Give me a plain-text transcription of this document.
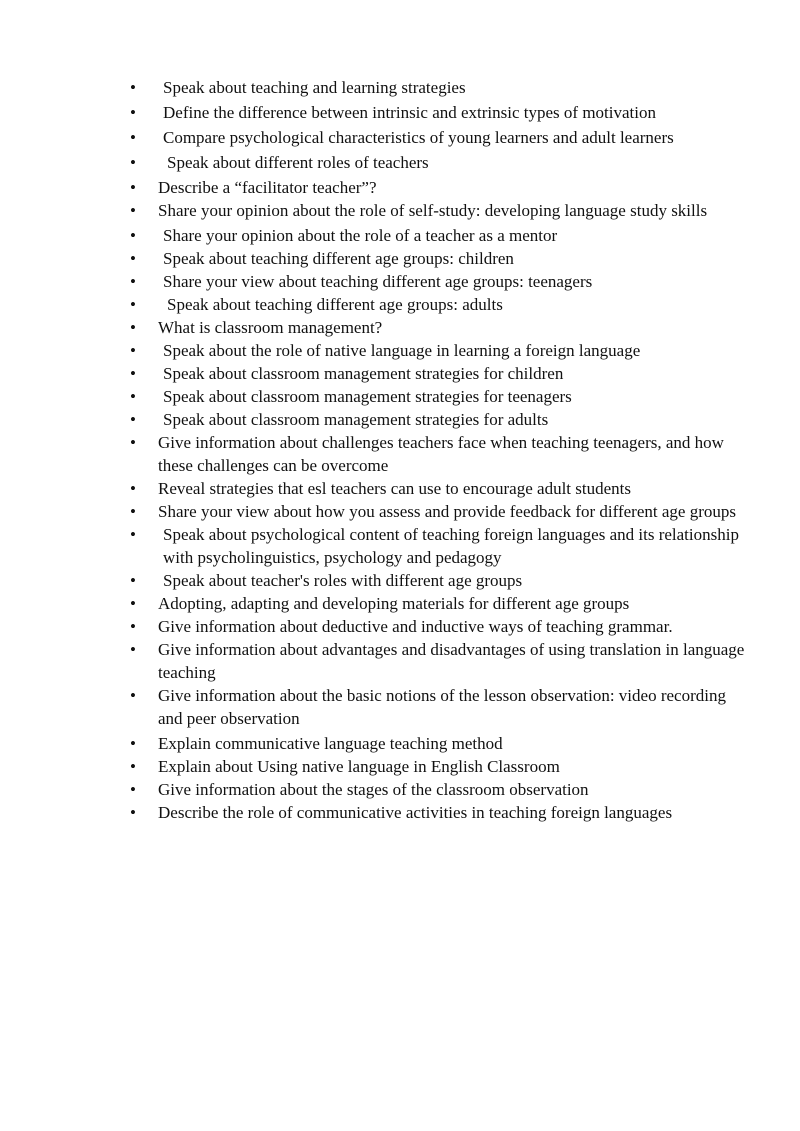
•	Speak about teaching and learning strategies
•	Define the difference between intrinsic and extrinsic types of motivation
•	Compare psychological characteristics of young learners and adult learners
•	Speak about different roles of teachers
•	Describe a “facilitator teacher”?
•	Share your opinion about the role of self-study: developing language study skills
•	Share your opinion about the role of a teacher as a mentor
•	Speak about teaching different age groups: children
•	Share your view about teaching different age groups: teenagers
•	Speak about teaching different age groups: adults
•	What is classroom management?
•	Speak about the role of native language in learning a foreign language
•	Speak about classroom management strategies for children
•	Speak about classroom management strategies for teenagers
•	Speak about classroom management strategies for adults
•	Give information about challenges teachers face when teaching teenagers, and how these challenges can be overcome
•	Reveal strategies that esl teachers can use to encourage adult students
•	Share your view about how you assess and provide feedback for different age groups
•	Speak about psychological content of teaching foreign languages and its relationship with psycholinguistics, psychology and pedagogy
•	Speak about teacher's roles with different age groups
•	Adopting, adapting and developing materials for different age groups
•	Give information about deductive and inductive ways of teaching grammar.
•	Give information about advantages and disadvantages of using translation in language teaching
•	Give information about the basic notions of the lesson observation: video recording and peer observation
•	Explain communicative language teaching method
•	Explain about Using native language in English Classroom
•	Give information about the stages of the classroom observation
•	Describe the role of communicative activities in teaching foreign languages
